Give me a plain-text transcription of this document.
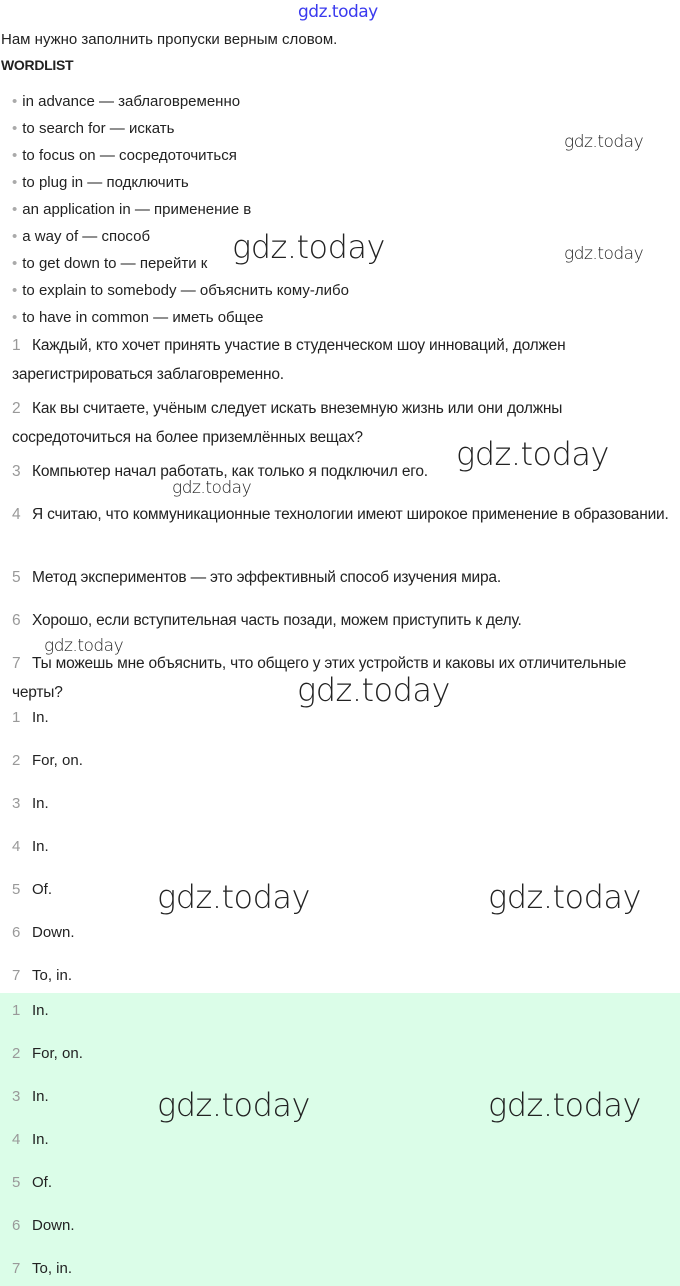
gdz.today
Нам нужно заполнить пропуски верным словом.
WORDLIST
• in advance — заблаговременно
• to search for — искать
• to focus on — сосредоточиться
• to plug in — подключить
• an application in — применение в
• a way of — способ
• to get down to — перейти к
• to explain to somebody — объяснить кому-либо
• to have in common — иметь общее
1 Каждый, кто хочет принять участие в студенческом шоу инноваций, должен зарегистрироваться заблаговременно.
2 Как вы считаете, учёным следует искать внеземную жизнь или они должны сосредоточиться на более приземлённых вещах?
3 Компьютер начал работать, как только я подключил его.
4 Я считаю, что коммуникационные технологии имеют широкое применение в образовании.
5 Метод экспериментов — это эффективный способ изучения мира.
6 Хорошо, если вступительная часть позади, можем приступить к делу.
7 Ты можешь мне объяснить, что общего у этих устройств и каковы их отличительные черты?
1 In.
2 For, on.
3 In.
4 In.
5 Of.
6 Down.
7 To, in.
1 In.
2 For, on.
3 In.
4 In.
5 Of.
6 Down.
7 To, in.
gdz.today
gdz.today	gdz.today
gdz.today
gdz.today
gdz.today
gdz.today
gdz.today	gdz.today
gdz.today	gdz.today
